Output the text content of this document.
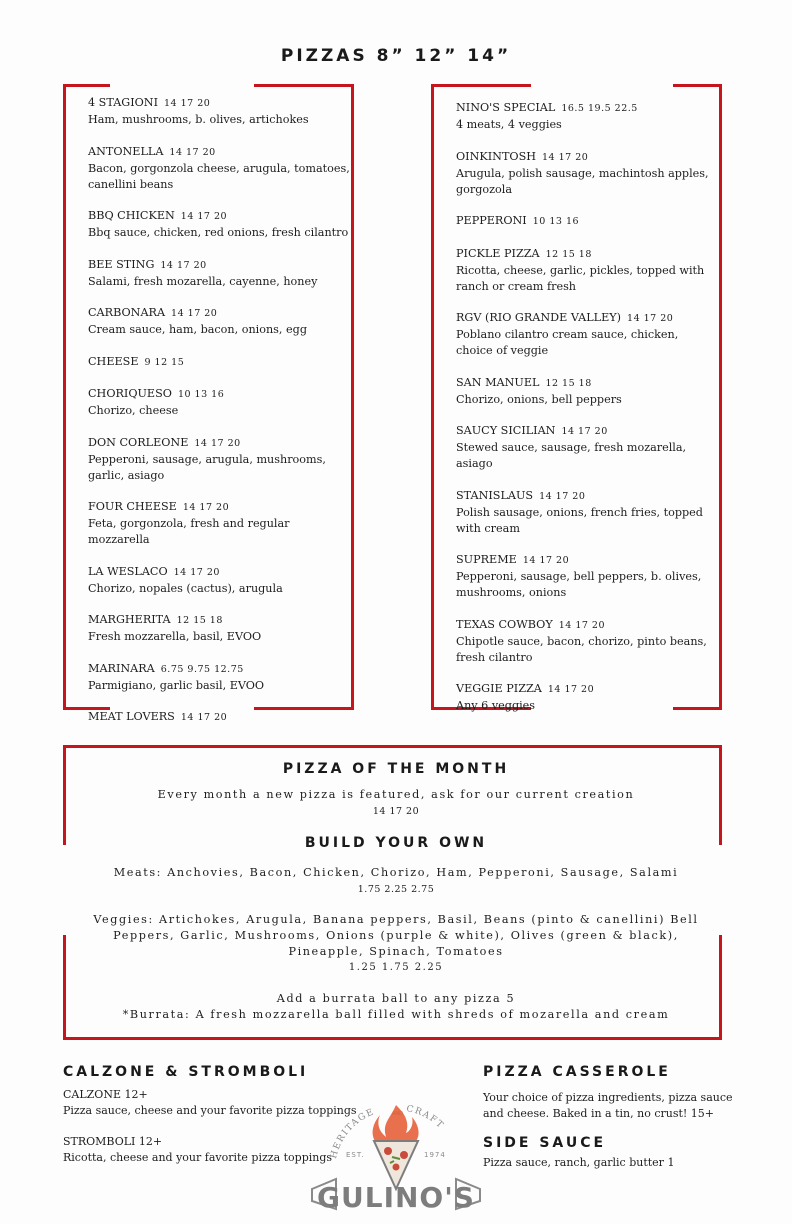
PIZZAS 8” 12” 14”
4 STAGIONI 14 17 20
Ham, mushrooms, b. olives, artichokes
ANTONELLA 14 17 20
Bacon, gorgonzola cheese, arugula, tomatoes, canellini beans
BBQ CHICKEN 14 17 20
Bbq sauce, chicken, red onions, fresh cilantro
BEE STING 14 17 20
Salami, fresh mozarella, cayenne, honey
CARBONARA 14 17 20
Cream sauce, ham, bacon, onions, egg
CHEESE 9 12 15
CHORIQUESO 10 13 16
Chorizo, cheese
DON CORLEONE 14 17 20
Pepperoni, sausage, arugula, mushrooms, garlic, asiago
FOUR CHEESE 14 17 20
Feta, gorgonzola, fresh and regular mozzarella
LA WESLACO 14 17 20
Chorizo, nopales (cactus), arugula
MARGHERITA 12 15 18
Fresh mozzarella, basil, EVOO
MARINARA 6.75 9.75 12.75
Parmigiano, garlic basil, EVOO
MEAT LOVERS 14 17 20
NINO'S SPECIAL 16.5 19.5 22.5
4 meats, 4 veggies
OINKINTOSH 14 17 20
Arugula, polish sausage, machintosh apples, gorgozola
PEPPERONI 10 13 16
PICKLE PIZZA 12 15 18
Ricotta, cheese, garlic, pickles, topped with ranch or cream fresh
RGV (RIO GRANDE VALLEY) 14 17 20
Poblano cilantro cream sauce, chicken, choice of veggie
SAN MANUEL 12 15 18
Chorizo, onions, bell peppers
SAUCY SICILIAN 14 17 20
Stewed sauce, sausage, fresh mozarella, asiago
STANISLAUS 14 17 20
Polish sausage, onions, french fries, topped with cream
SUPREME 14 17 20
Pepperoni, sausage, bell peppers, b. olives, mushrooms, onions
TEXAS COWBOY 14 17 20
Chipotle sauce, bacon, chorizo, pinto beans, fresh cilantro
VEGGIE PIZZA 14 17 20
Any 6 veggies
PIZZA OF THE MONTH
Every month a new pizza is featured, ask for our current creation
14 17 20
BUILD YOUR OWN
Meats: Anchovies, Bacon, Chicken, Chorizo, Ham, Pepperoni, Sausage, Salami
1.75 2.25 2.75
Veggies: Artichokes, Arugula, Banana peppers, Basil, Beans (pinto & canellini) Bell
Peppers, Garlic, Mushrooms, Onions (purple & white), Olives (green & black),
Pineapple, Spinach, Tomatoes
1.25 1.75 2.25
Add a burrata ball to any pizza 5
*Burrata: A fresh mozzarella ball filled with shreds of mozarella and cream
CALZONE & STROMBOLI
CALZONE 12+
Pizza sauce, cheese and your favorite pizza toppings
STROMBOLI 12+
Ricotta, cheese and your favorite pizza toppings
PIZZA CASSEROLE
Your choice of pizza ingredients, pizza sauce
and cheese. Baked in a tin, no crust! 15+
SIDE SAUCE
Pizza sauce, ranch, garlic butter 1
HERITAGE	CRAFT
EST.	1974
GULINO'S
